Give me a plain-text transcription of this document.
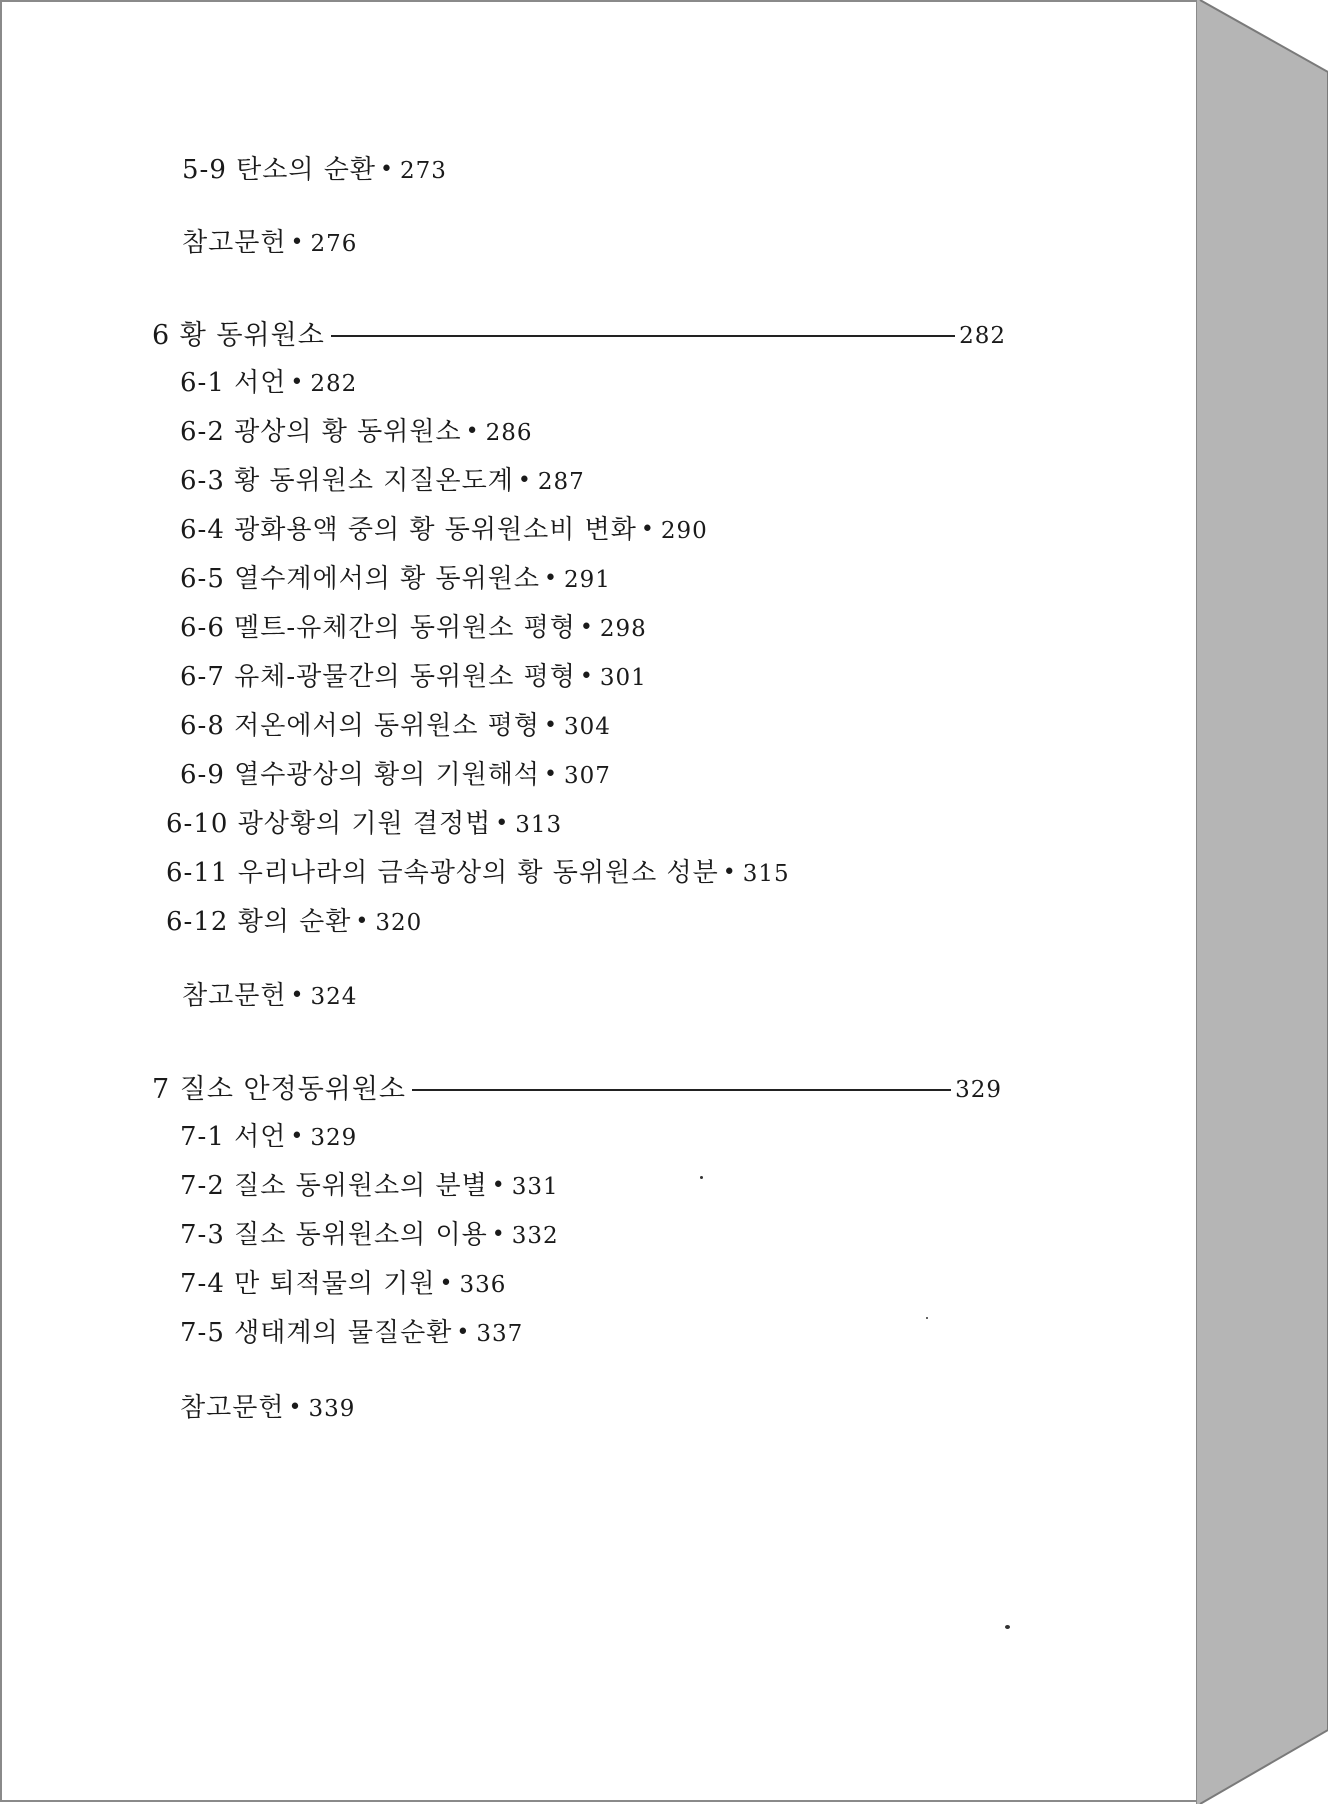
5-9 탄소의 순환 • 273
참고문헌 • 276
6
황 동위원소	282
6-1 서언 • 282
6-2 광상의 황 동위원소 • 286
6-3 황 동위원소 지질온도계 • 287
6-4 광화용액 중의 황 동위원소비 변화 • 290
6-5 열수계에서의 황 동위원소 • 291
6-6 멜트-유체간의 동위원소 평형 • 298
6-7 유체-광물간의 동위원소 평형 • 301
6-8 저온에서의 동위원소 평형 • 304
6-9 열수광상의 황의 기원해석 • 307
6-10 광상황의 기원 결정법 • 313
6-11 우리나라의 금속광상의 황 동위원소 성분 • 315
6-12 황의 순환 • 320
참고문헌 • 324
7
질소 안정동위원소	329
7-1 서언 • 329
7-2 질소 동위원소의 분별 • 331
7-3 질소 동위원소의 이용 • 332
7-4 만 퇴적물의 기원 • 336
7-5 생태계의 물질순환 • 337
참고문헌 • 339
